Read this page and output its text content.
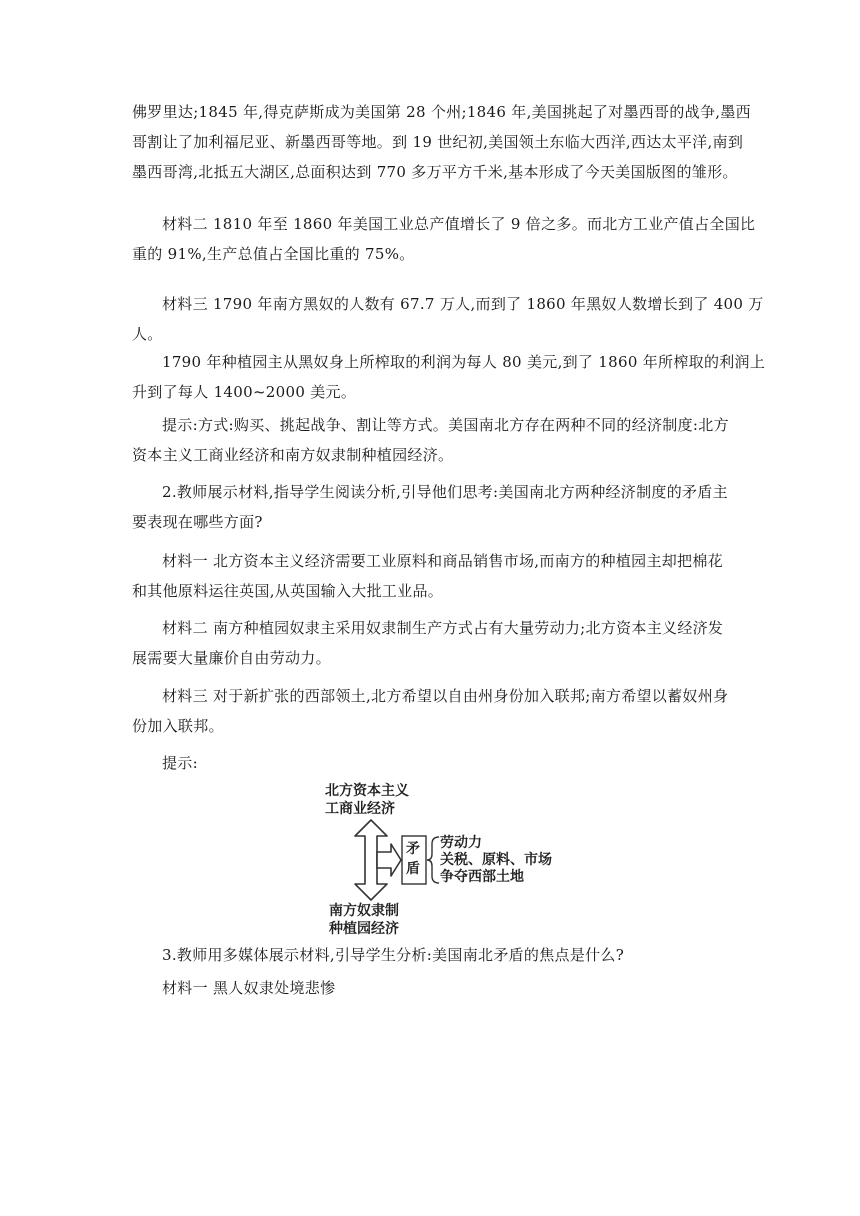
佛罗里达;1845 年,得克萨斯成为美国第 28 个州;1846 年,美国挑起了对墨西哥的战争,墨西
哥割让了加利福尼亚、新墨西哥等地。到 19 世纪初,美国领土东临大西洋,西达太平洋,南到
墨西哥湾,北抵五大湖区,总面积达到 770 多万平方千米,基本形成了今天美国版图的雏形。
材料二 1810 年至 1860 年美国工业总产值增长了 9 倍之多。而北方工业产值占全国比
重的 91%,生产总值占全国比重的 75%。
材料三 1790 年南方黑奴的人数有 67.7 万人,而到了 1860 年黑奴人数增长到了 400 万
人。
1790 年种植园主从黑奴身上所榨取的利润为每人 80 美元,到了 1860 年所榨取的利润上
升到了每人 1400~2000 美元。
提示:方式:购买、挑起战争、割让等方式。美国南北方存在两种不同的经济制度:北方
资本主义工商业经济和南方奴隶制种植园经济。
2.教师展示材料,指导学生阅读分析,引导他们思考:美国南北方两种经济制度的矛盾主
要表现在哪些方面?
材料一 北方资本主义经济需要工业原料和商品销售市场,而南方的种植园主却把棉花
和其他原料运往英国,从英国输入大批工业品。
材料二 南方种植园奴隶主采用奴隶制生产方式占有大量劳动力;北方资本主义经济发
展需要大量廉价自由劳动力。
材料三 对于新扩张的西部领土,北方希望以自由州身份加入联邦;南方希望以蓄奴州身
份加入联邦。
提示:
北方资本主义
工商业经济
矛
盾
劳动力
关税、原料、市场
争夺西部土地
南方奴隶制
种植园经济
3.教师用多媒体展示材料,引导学生分析:美国南北矛盾的焦点是什么?
材料一 黑人奴隶处境悲惨
